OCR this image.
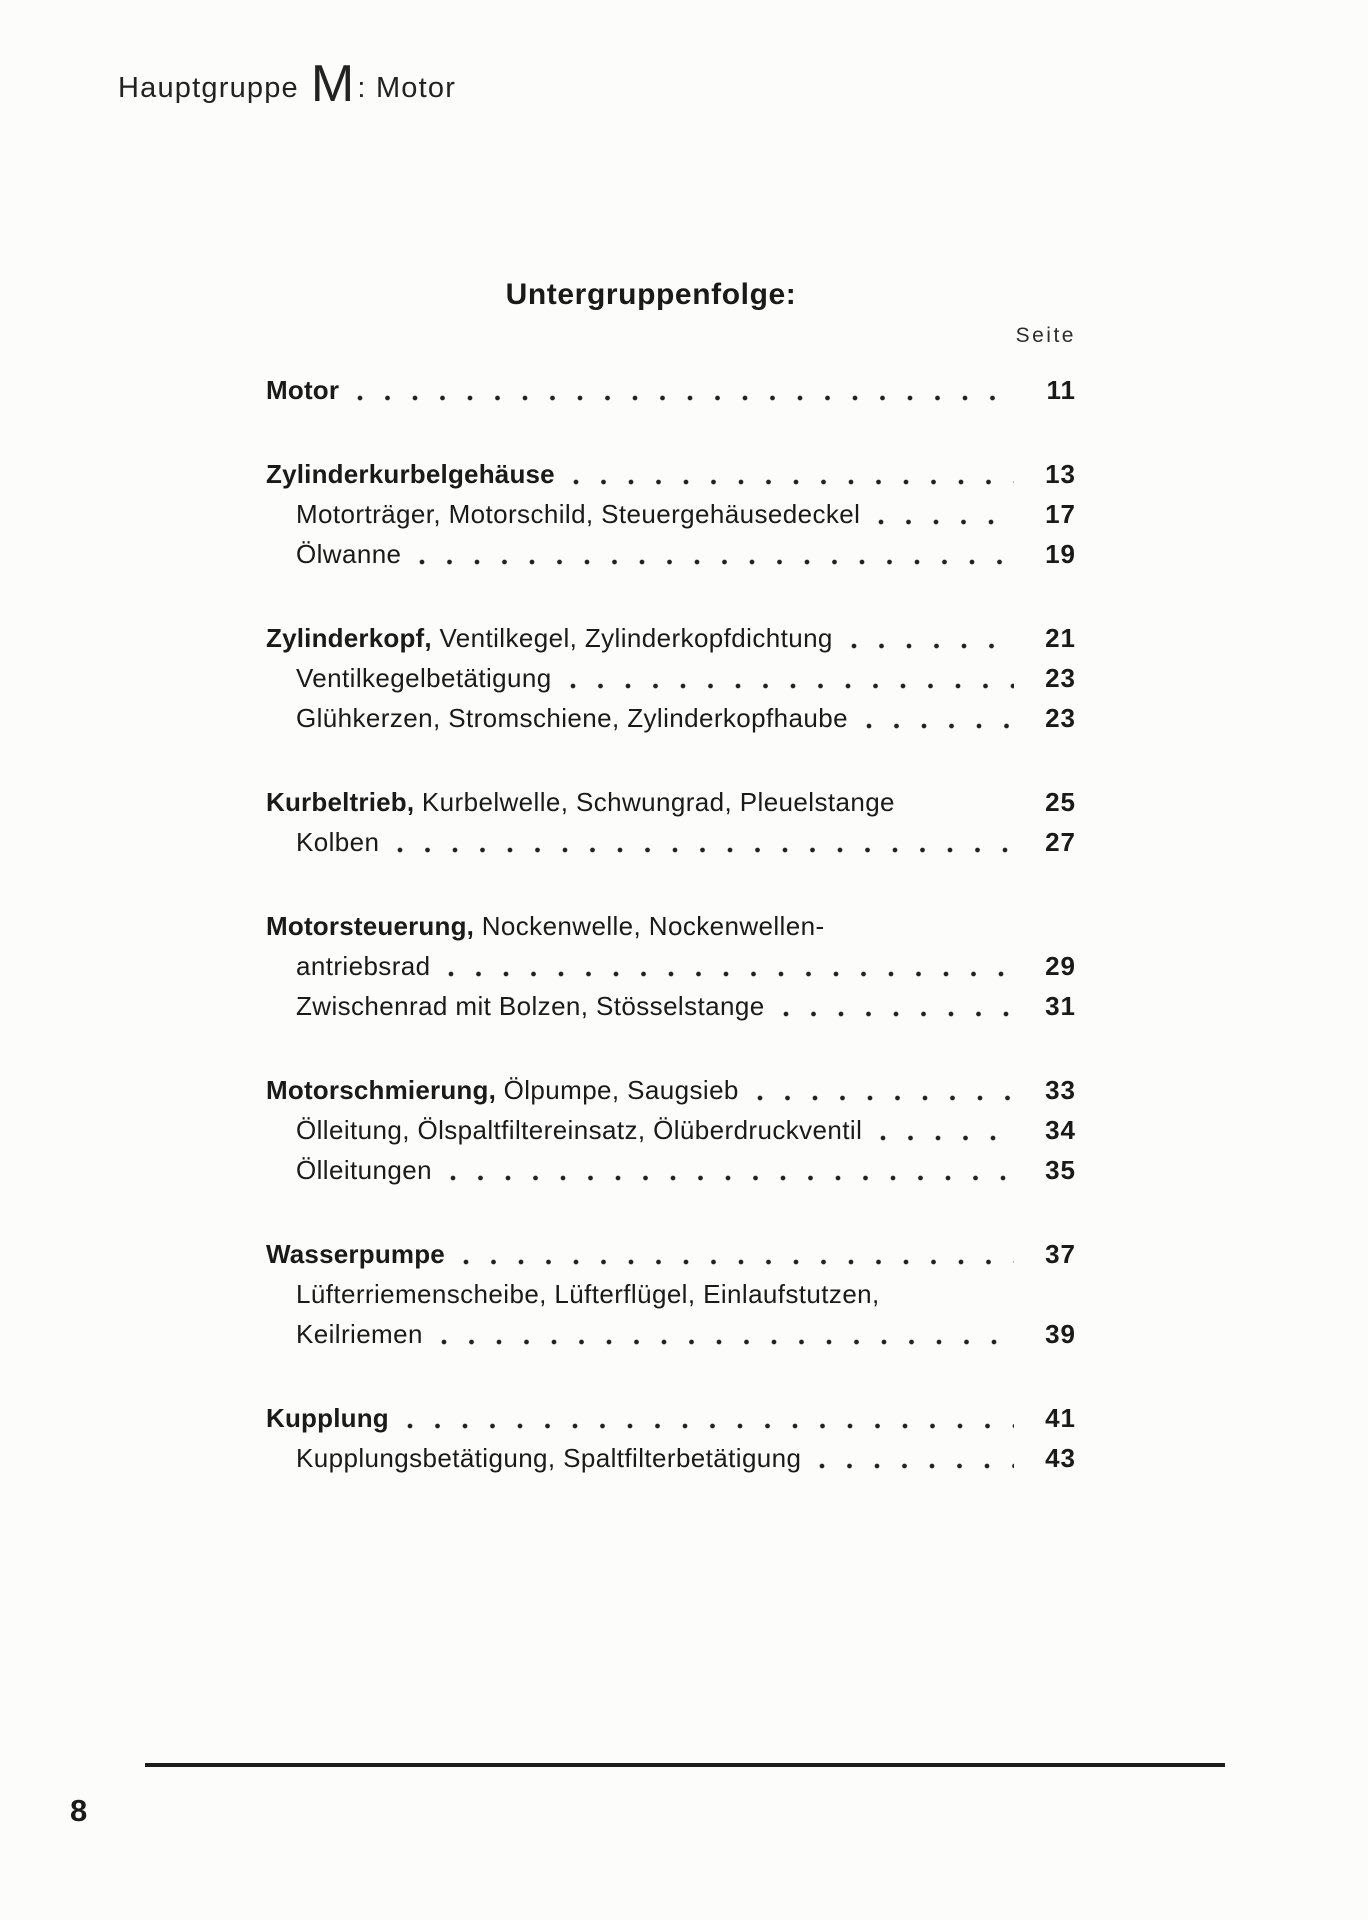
Hauptgruppe M : Motor
Untergruppenfolge:
Seite
Motor	11
Zylinderkurbelgehäuse	13
Motorträger, Motorschild, Steuergehäusedeckel	17
Ölwanne	19
Zylinderkopf, Ventilkegel, Zylinderkopfdichtung	21
Ventilkegelbetätigung	23
Glühkerzen, Stromschiene, Zylinderkopfhaube	23
Kurbeltrieb, Kurbelwelle, Schwungrad, Pleuelstange	25
Kolben	27
Motorsteuerung, Nockenwelle, Nockenwellen-
antriebsrad	29
Zwischenrad mit Bolzen, Stösselstange	31
Motorschmierung, Ölpumpe, Saugsieb	33
Ölleitung, Ölspaltfiltereinsatz, Ölüberdruckventil	34
Ölleitungen	35
Wasserpumpe	37
Lüfterriemenscheibe, Lüfterflügel, Einlaufstutzen,
Keilriemen	39
Kupplung	41
Kupplungsbetätigung, Spaltfilterbetätigung	43
8
